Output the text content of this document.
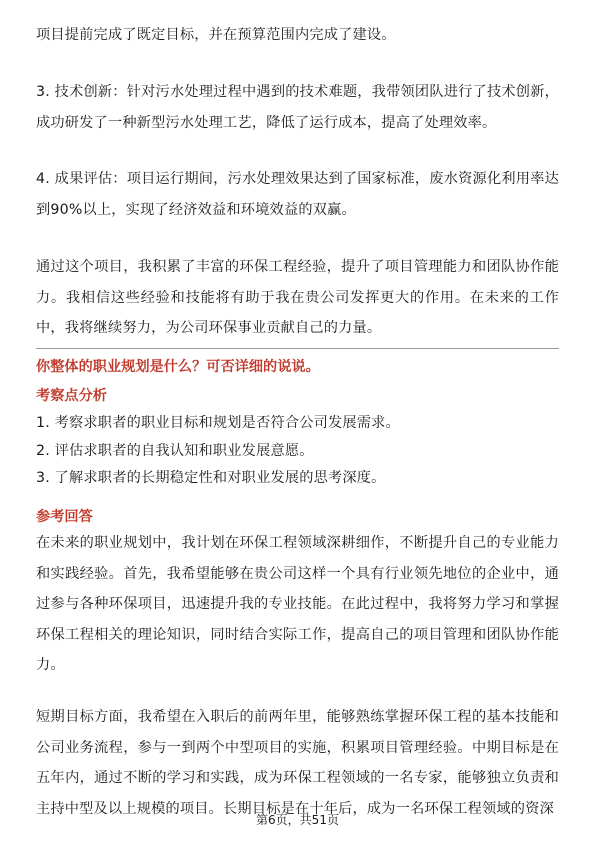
项目提前完成了既定目标，并在预算范围内完成了建设。

3. 技术创新：针对污水处理过程中遇到的技术难题，我带领团队进行了技术创新，成功研发了一种新型污水处理工艺，降低了运行成本，提高了处理效率。

4. 成果评估：项目运行期间，污水处理效果达到了国家标准，废水资源化利用率达到90%以上，实现了经济效益和环境效益的双赢。

通过这个项目，我积累了丰富的环保工程经验，提升了项目管理能力和团队协作能力。我相信这些经验和技能将有助于我在贵公司发挥更大的作用。在未来的工作中，我将继续努力，为公司环保事业贡献自己的力量。

你整体的职业规划是什么？可否详细的说说。

考察点分析

1. 考察求职者的职业目标和规划是否符合公司发展需求。
2. 评估求职者的自我认知和职业发展意愿。
3. 了解求职者的长期稳定性和对职业发展的思考深度。

参考回答

在未来的职业规划中，我计划在环保工程领域深耕细作，不断提升自己的专业能力和实践经验。首先，我希望能够在贵公司这样一个具有行业领先地位的企业中，通过参与各种环保项目，迅速提升我的专业技能。在此过程中，我将努力学习和掌握环保工程相关的理论知识，同时结合实际工作，提高自己的项目管理和团队协作能力。

短期目标方面，我希望在入职后的前两年里，能够熟练掌握环保工程的基本技能和公司业务流程，参与一到两个中型项目的实施，积累项目管理经验。中期目标是在五年内，通过不断的学习和实践，成为环保工程领域的一名专家，能够独立负责和主持中型及以上规模的项目。长期目标是在十年后，成为一名环保工程领域的资深

第6页，共51页
